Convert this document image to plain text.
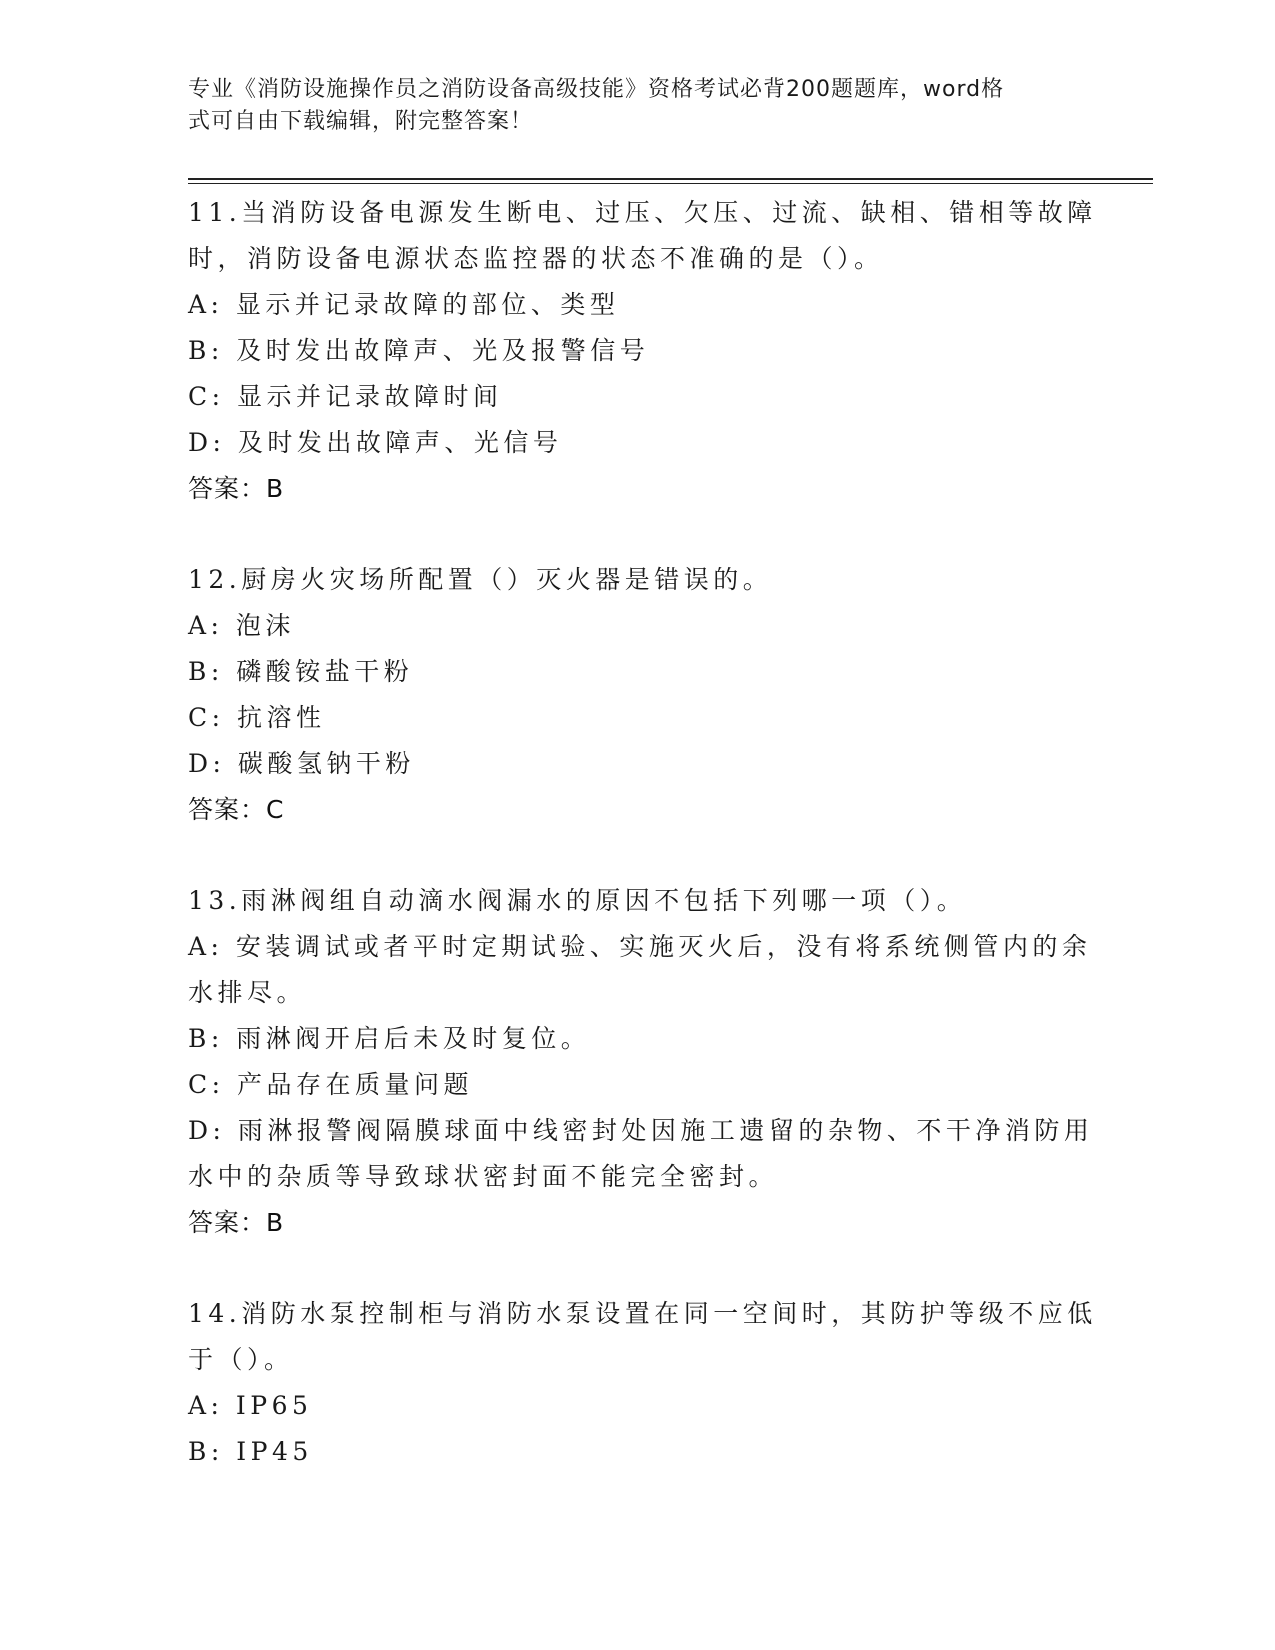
专业《消防设施操作员之消防设备高级技能》资格考试必背200题题库，word格
式可自由下载编辑，附完整答案！
11.当消防设备电源发生断电、过压、欠压、过流、缺相、错相等故障
时，消防设备电源状态监控器的状态不准确的是（）。
A: 显示并记录故障的部位、类型
B: 及时发出故障声、光及报警信号
C: 显示并记录故障时间
D: 及时发出故障声、光信号
答案：B
12.厨房火灾场所配置（）灭火器是错误的。
A: 泡沫
B: 磷酸铵盐干粉
C: 抗溶性
D: 碳酸氢钠干粉
答案：C
13.雨淋阀组自动滴水阀漏水的原因不包括下列哪一项（）。
A: 安装调试或者平时定期试验、实施灭火后，没有将系统侧管内的余
水排尽。
B: 雨淋阀开启后未及时复位。
C: 产品存在质量问题
D: 雨淋报警阀隔膜球面中线密封处因施工遗留的杂物、不干净消防用
水中的杂质等导致球状密封面不能完全密封。
答案：B
14.消防水泵控制柜与消防水泵设置在同一空间时，其防护等级不应低
于（）。
A: IP65
B: IP45
